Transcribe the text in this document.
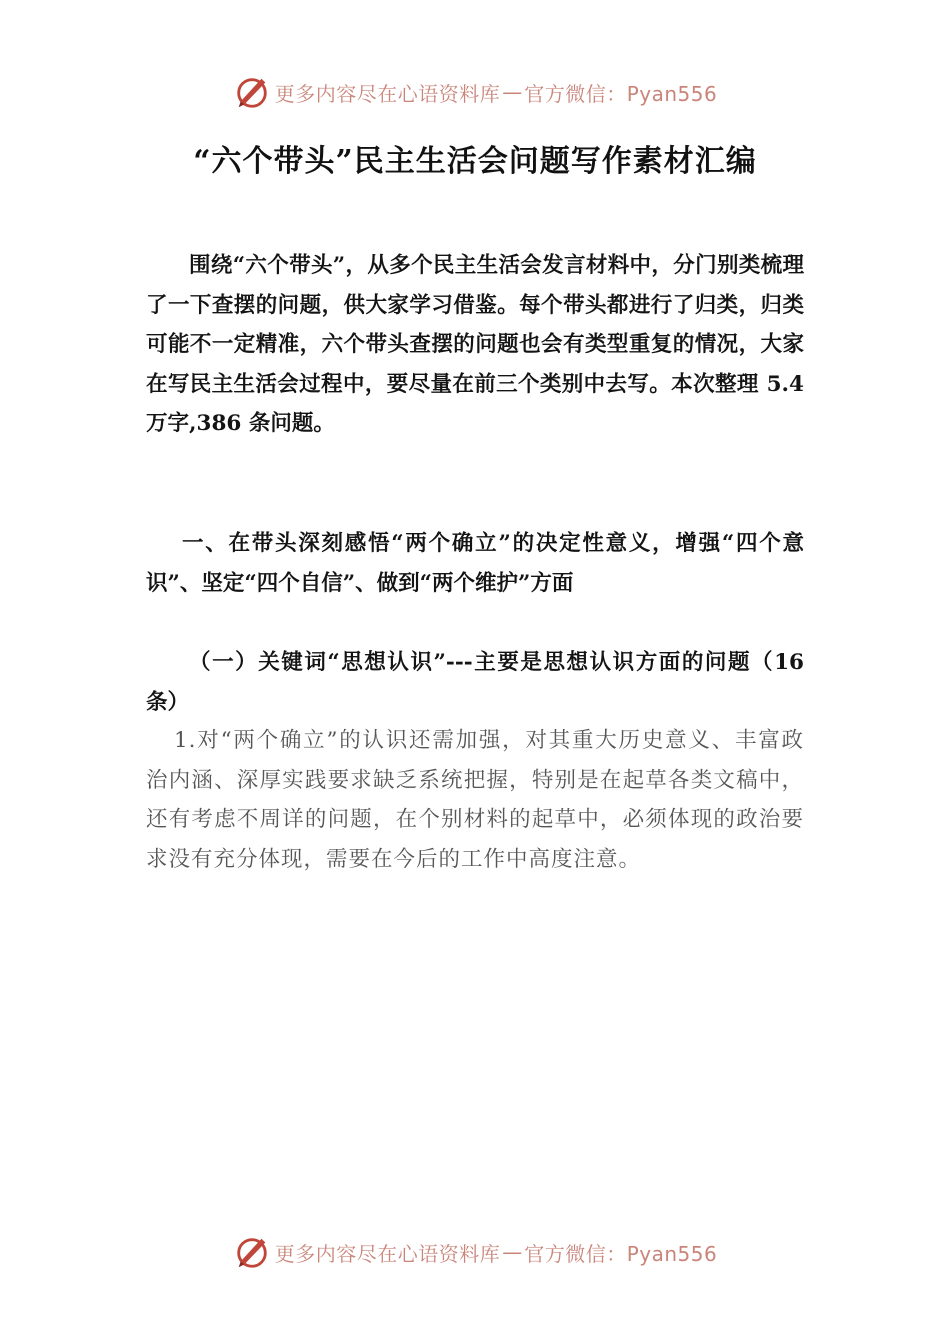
更多内容尽在心语资料库 — 官方微信：Pyan556
“六个带头”民主生活会问题写作素材汇编

围绕“六个带头”，从多个民主生活会发言材料中，分门别类梳理了一下查摆的问题，供大家学习借鉴。每个带头都进行了归类，归类可能不一定精准，六个带头查摆的问题也会有类型重复的情况，大家在写民主生活会过程中，要尽量在前三个类别中去写。本次整理 5.4 万字,386 条问题。

一、在带头深刻感悟“两个确立”的决定性意义，增强“四个意识”、坚定“四个自信”、做到“两个维护”方面

（一）关键词“思想认识”---主要是思想认识方面的问题（16 条）

1.对“两个确立”的认识还需加强，对其重大历史意义、丰富政治内涵、深厚实践要求缺乏系统把握，特别是在起草各类文稿中，还有考虑不周详的问题，在个别材料的起草中，必须体现的政治要求没有充分体现，需要在今后的工作中高度注意。

更多内容尽在心语资料库 — 官方微信：Pyan556
